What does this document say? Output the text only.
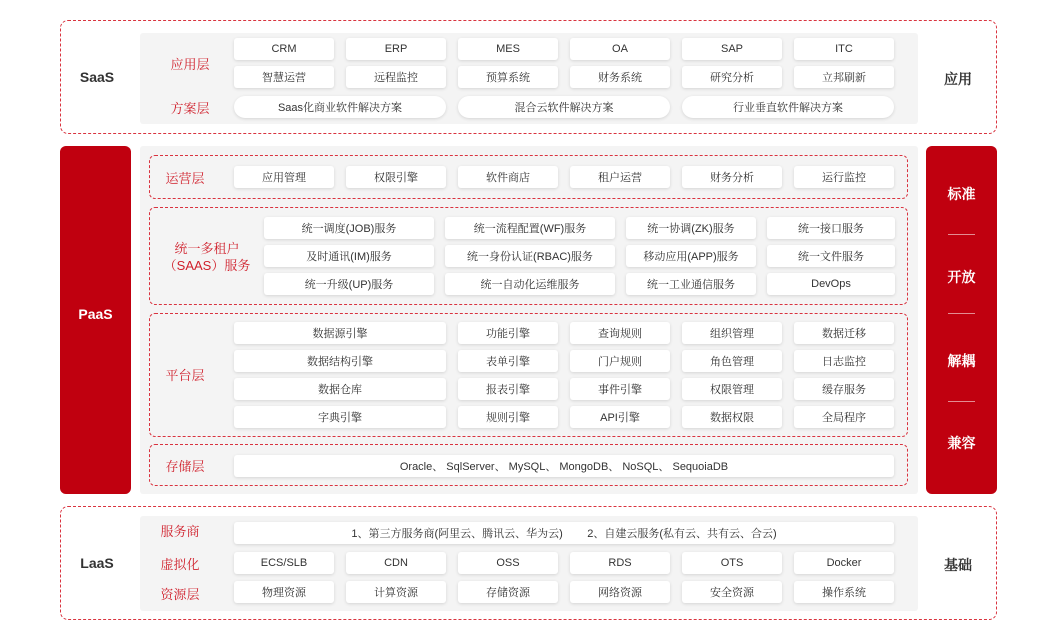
SaaS	应用
应用层
CRM	ERP	MES	OA	SAP	ITC
智慧运营	远程监控	预算系统	财务系统	研究分析	立邦刷新
方案层	Saas化商业软件解决方案	混合云软件解决方案	行业垂直软件解决方案
PaaS
运营层	应用管理	权限引擎	软件商店	租户运营	财务分析	运行监控
统一多租户
（SAAS）服务
统一调度(JOB)服务	统一流程配置(WF)服务	统一协调(ZK)服务	统一接口服务
及时通讯(IM)服务	统一身份认证(RBAC)服务	移动应用(APP)服务	统一文件服务
统一升级(UP)服务	统一自动化运维服务	统一工业通信服务	DevOps
平台层
数据源引擎	功能引擎	查询规则	组织管理	数据迁移
数据结构引擎	表单引擎	门户规则	角色管理	日志监控
数据仓库	报表引擎	事件引擎	权限管理	缓存服务
字典引擎	规则引擎	API引擎	数据权限	全局程序
存储层	Oracle、 SqlServer、 MySQL、 MongoDB、 NoSQL、 SequoiaDB
标准
开放
解耦
兼容
LaaS	基础
服务商	1、第三方服务商(阿里云、腾讯云、华为云)        2、自建云服务(私有云、共有云、合云)
虚拟化	ECS/SLB	CDN	OSS	RDS	OTS	Docker
资源层	物理资源	计算资源	存储资源	网络资源	安全资源	操作系统
